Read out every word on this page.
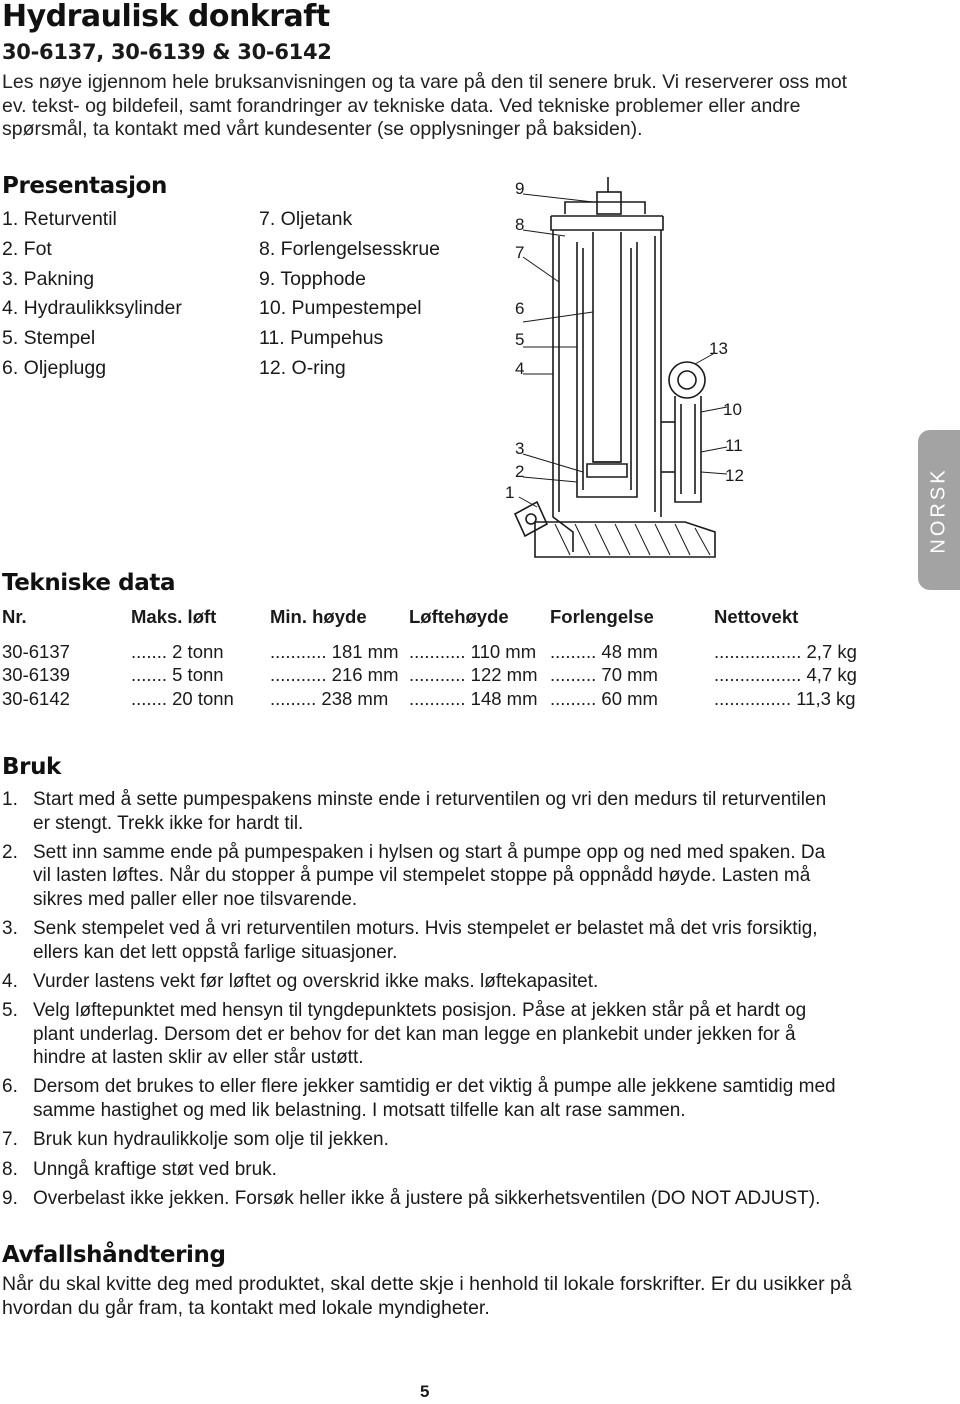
Hydraulisk donkraft
30-6137, 30-6139 & 30-6142
Les nøye igjennom hele bruksanvisningen og ta vare på den til senere bruk. Vi reserverer oss mot ev. tekst- og bildefeil, samt forandringer av tekniske data. Ved tekniske problemer eller andre spørsmål, ta kontakt med vårt kundesenter (se opplysninger på baksiden).
Presentasjon
1. Returventil
2. Fot
3. Pakning
4. Hydraulikksylinder
5. Stempel
6. Oljeplugg
7. Oljetank
8. Forlengelsesskrue
9. Topphode
10. Pumpestempel
11. Pumpehus
12. O-ring
9
8
7
6
5
4
13
10
3
2
1
11
12	NORSK
Tekniske data
Nr.	Maks. løft	Min. høyde	Løftehøyde	Forlengelse	Nettovekt
30-6137	....... 2 tonn	........... 181 mm	........... 110 mm	......... 48 mm	................. 2,7 kg
30-6139	....... 5 tonn	........... 216 mm	........... 122 mm	......... 70 mm	................. 4,7 kg
30-6142	....... 20 tonn	......... 238 mm	........... 148 mm	......... 60 mm	............... 11,3 kg
Bruk
1. Start med å sette pumpespakens minste ende i returventilen og vri den medurs til returventilen er stengt. Trekk ikke for hardt til.
2. Sett inn samme ende på pumpespaken i hylsen og start å pumpe opp og ned med spaken. Da vil lasten løftes. Når du stopper å pumpe vil stempelet stoppe på oppnådd høyde. Lasten må sikres med paller eller noe tilsvarende.
3. Senk stempelet ved å vri returventilen moturs. Hvis stempelet er belastet må det vris forsiktig, ellers kan det lett oppstå farlige situasjoner.
4. Vurder lastens vekt før løftet og overskrid ikke maks. løftekapasitet.
5. Velg løftepunktet med hensyn til tyngdepunktets posisjon. Påse at jekken står på et hardt og plant underlag. Dersom det er behov for det kan man legge en plankebit under jekken for å hindre at lasten sklir av eller står ustøtt.
6. Dersom det brukes to eller flere jekker samtidig er det viktig å pumpe alle jekkene samtidig med samme hastighet og med lik belastning. I motsatt tilfelle kan alt rase sammen.
7. Bruk kun hydraulikkolje som olje til jekken.
8. Unngå kraftige støt ved bruk.
9. Overbelast ikke jekken. Forsøk heller ikke å justere på sikkerhetsventilen (DO NOT ADJUST).
Avfallshåndtering
Når du skal kvitte deg med produktet, skal dette skje i henhold til lokale forskrifter. Er du usikker på hvordan du går fram, ta kontakt med lokale myndigheter.
5
